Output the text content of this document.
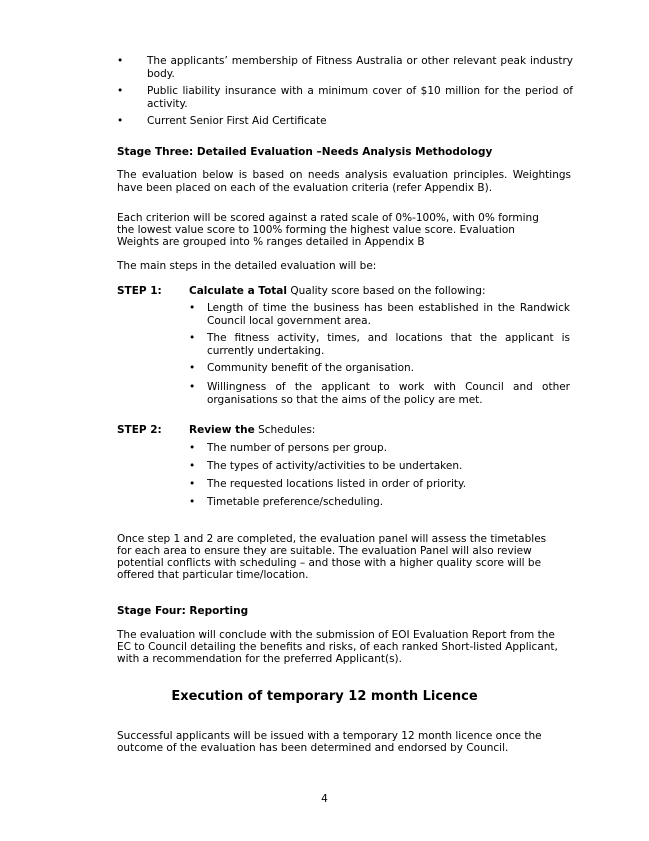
•	The applicants’ membership of Fitness Australia or other relevant peak industry body.
•	Public liability insurance with a minimum cover of $10 million for the period of activity.
•	Current Senior First Aid Certificate
Stage Three: Detailed Evaluation –Needs Analysis Methodology
The evaluation below is based on needs analysis evaluation principles. Weightings have been placed on each of the evaluation criteria (refer Appendix B).
Each criterion will be scored against a rated scale of 0%-100%, with 0% forming
the lowest value score to 100% forming the highest value score. Evaluation
Weights are grouped into % ranges detailed in Appendix B
The main steps in the detailed evaluation will be:
STEP 1:	Calculate a Total Quality score based on the following:
• Length of time the business has been established in the Randwick Council local government area.
• The fitness activity, times, and locations that the applicant is currently undertaking.
• Community benefit of the organisation.
• Willingness of the applicant to work with Council and other organisations so that the aims of the policy are met.
STEP 2:	Review the Schedules:
• The number of persons per group.
• The types of activity/activities to be undertaken.
• The requested locations listed in order of priority.
• Timetable preference/scheduling.
Once step 1 and 2 are completed, the evaluation panel will assess the timetables
for each area to ensure they are suitable. The evaluation Panel will also review
potential conflicts with scheduling – and those with a higher quality score will be
offered that particular time/location.
Stage Four: Reporting
The evaluation will conclude with the submission of EOI Evaluation Report from the
EC to Council detailing the benefits and risks, of each ranked Short-listed Applicant,
with a recommendation for the preferred Applicant(s).
Execution of temporary 12 month Licence
Successful applicants will be issued with a temporary 12 month licence once the
outcome of the evaluation has been determined and endorsed by Council.
4
